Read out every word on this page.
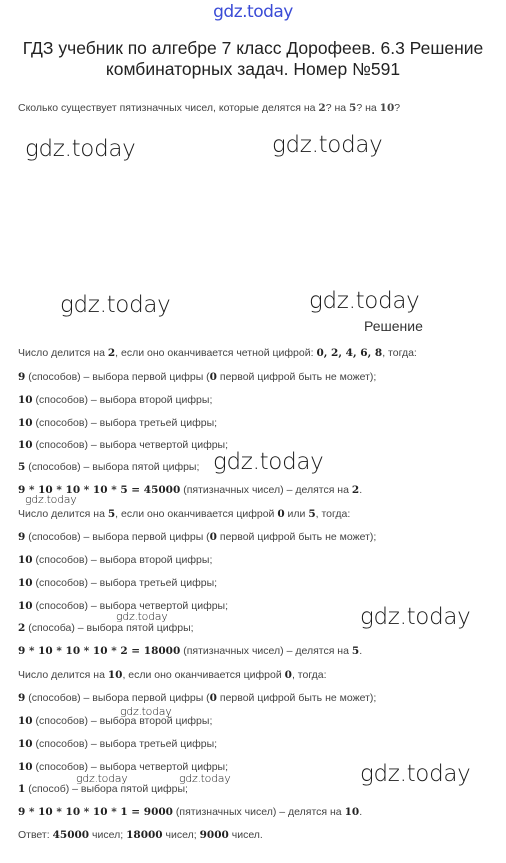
gdz.today
ГДЗ учебник по алгебре 7 класс Дорофеев. 6.3 Решение
комбинаторных задач. Номер №591
Сколько существует пятизначных чисел, которые делятся на 2? на 5? на 10?
gdz.today	gdz.today
gdz.today	gdz.today
gdz.today
gdz.today
gdz.today
gdz.today
gdz.today
gdz.today
gdz.today	gdz.today
Решение
Число делится на 2, если оно оканчивается четной цифрой: 0, 2, 4, 6, 8, тогда:
9 (способов) – выбора первой цифры (0 первой цифрой быть не может);
10 (способов) – выбора второй цифры;
10 (способов) – выбора третьей цифры;
10 (способов) – выбора четвертой цифры;
5 (способов) – выбора пятой цифры;
9 * 10 * 10 * 10 * 5 = 45000 (пятизначных чисел) – делятся на 2.
Число делится на 5, если оно оканчивается цифрой 0 или 5, тогда:
9 (способов) – выбора первой цифры (0 первой цифрой быть не может);
10 (способов) – выбора второй цифры;
10 (способов) – выбора третьей цифры;
10 (способов) – выбора четвертой цифры;
2 (способа) – выбора пятой цифры;
9 * 10 * 10 * 10 * 2 = 18000 (пятизначных чисел) – делятся на 5.
Число делится на 10, если оно оканчивается цифрой 0, тогда:
9 (способов) – выбора первой цифры (0 первой цифрой быть не может);
10 (способов) – выбора второй цифры;
10 (способов) – выбора третьей цифры;
10 (способов) – выбора четвертой цифры;
1 (способ) – выбора пятой цифры;
9 * 10 * 10 * 10 * 1 = 9000 (пятизначных чисел) – делятся на 10.
Ответ: 45000 чисел; 18000 чисел; 9000 чисел.
